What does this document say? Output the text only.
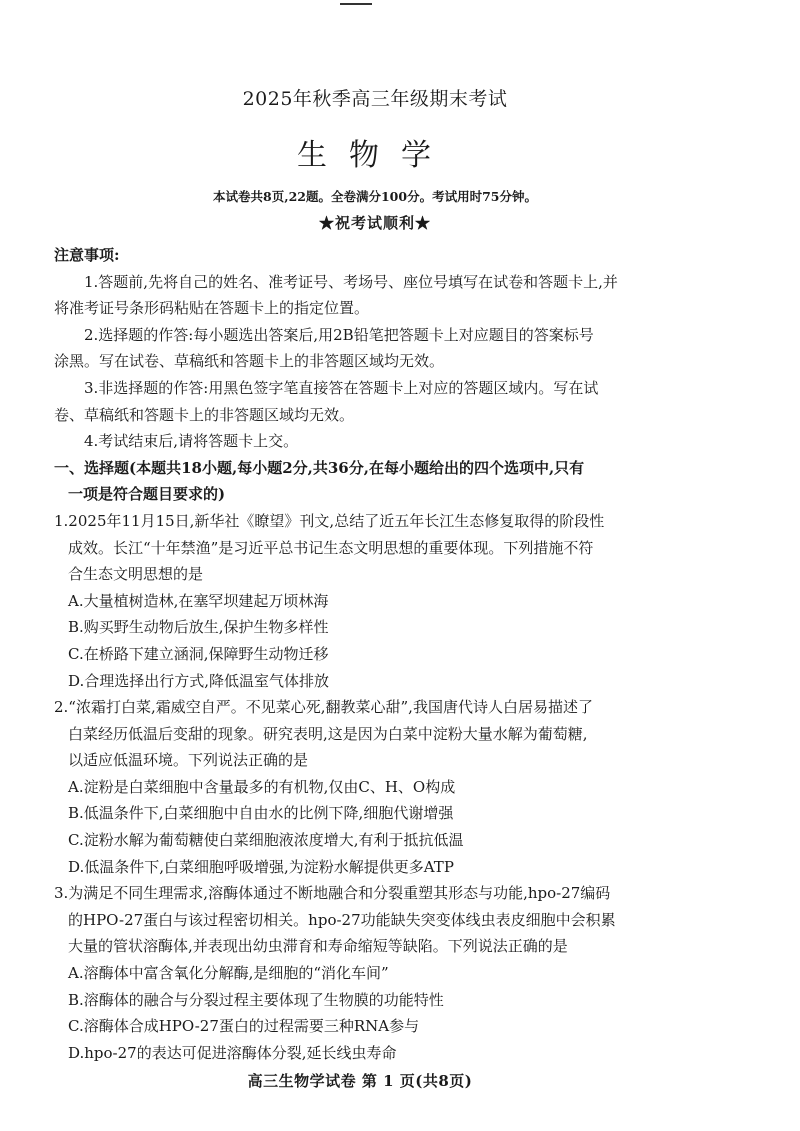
2025年秋季高三年级期末考试
生物学
本试卷共8页,22题。全卷满分100分。考试用时75分钟。
★祝考试顺利★
注意事项:
1.答题前,先将自己的姓名、准考证号、考场号、座位号填写在试卷和答题卡上,并
将准考证号条形码粘贴在答题卡上的指定位置。
2.选择题的作答:每小题选出答案后,用2B铅笔把答题卡上对应题目的答案标号
涂黑。写在试卷、草稿纸和答题卡上的非答题区域均无效。
3.非选择题的作答:用黑色签字笔直接答在答题卡上对应的答题区域内。写在试
卷、草稿纸和答题卡上的非答题区域均无效。
4.考试结束后,请将答题卡上交。
一、选择题(本题共18小题,每小题2分,共36分,在每小题给出的四个选项中,只有
一项是符合题目要求的)
1.2025年11月15日,新华社《瞭望》刊文,总结了近五年长江生态修复取得的阶段性
成效。长江“十年禁渔”是习近平总书记生态文明思想的重要体现。下列措施不符
合生态文明思想的是
A.大量植树造林,在塞罕坝建起万顷林海
B.购买野生动物后放生,保护生物多样性
C.在桥路下建立涵洞,保障野生动物迁移
D.合理选择出行方式,降低温室气体排放
2.“浓霜打白菜,霜威空自严。不见菜心死,翻教菜心甜”,我国唐代诗人白居易描述了
白菜经历低温后变甜的现象。研究表明,这是因为白菜中淀粉大量水解为葡萄糖,
以适应低温环境。下列说法正确的是
A.淀粉是白菜细胞中含量最多的有机物,仅由C、H、O构成
B.低温条件下,白菜细胞中自由水的比例下降,细胞代谢增强
C.淀粉水解为葡萄糖使白菜细胞液浓度增大,有利于抵抗低温
D.低温条件下,白菜细胞呼吸增强,为淀粉水解提供更多ATP
3.为满足不同生理需求,溶酶体通过不断地融合和分裂重塑其形态与功能,hpo-27编码
的HPO-27蛋白与该过程密切相关。hpo-27功能缺失突变体线虫表皮细胞中会积累
大量的管状溶酶体,并表现出幼虫滞育和寿命缩短等缺陷。下列说法正确的是
A.溶酶体中富含氧化分解酶,是细胞的“消化车间”
B.溶酶体的融合与分裂过程主要体现了生物膜的功能特性
C.溶酶体合成HPO-27蛋白的过程需要三种RNA参与
D.hpo-27的表达可促进溶酶体分裂,延长线虫寿命
高三生物学试卷 第 1 页(共8页)
